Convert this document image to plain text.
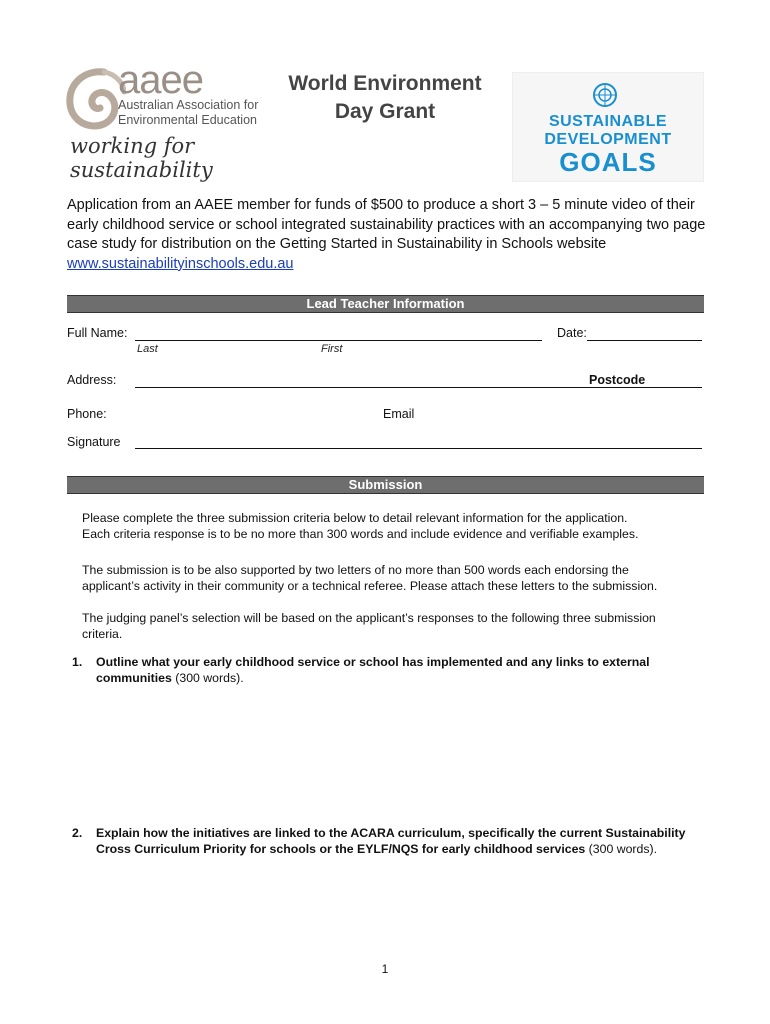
aaee
Australian Association for
Environmental Education
working for sustainability
World Environment
Day Grant	SUSTAINABLE
DEVELOPMENT
GOALS
Application from an AAEE member for funds of $500 to produce a short 3 – 5 minute video of their early childhood service or school integrated sustainability practices with an accompanying two page case study for distribution on the Getting Started in Sustainability in Schools website
www.sustainabilityinschools.edu.au
Lead Teacher Information
Full Name:
Last	First
Date:
Address:	Postcode
Phone:	Email
Signature
Submission
Please complete the three submission criteria below to detail relevant information for the application. Each criteria response is to be no more than 300 words and include evidence and verifiable examples.
The submission is to be also supported by two letters of no more than 500 words each endorsing the applicant’s activity in their community or a technical referee. Please attach these letters to the submission.
The judging panel’s selection will be based on the applicant’s responses to the following three submission criteria.
1. Outline what your early childhood service or school has implemented and any links to external communities (300 words).
2. Explain how the initiatives are linked to the ACARA curriculum, specifically the current Sustainability Cross Curriculum Priority for schools or the EYLF/NQS for early childhood services (300 words).
1
